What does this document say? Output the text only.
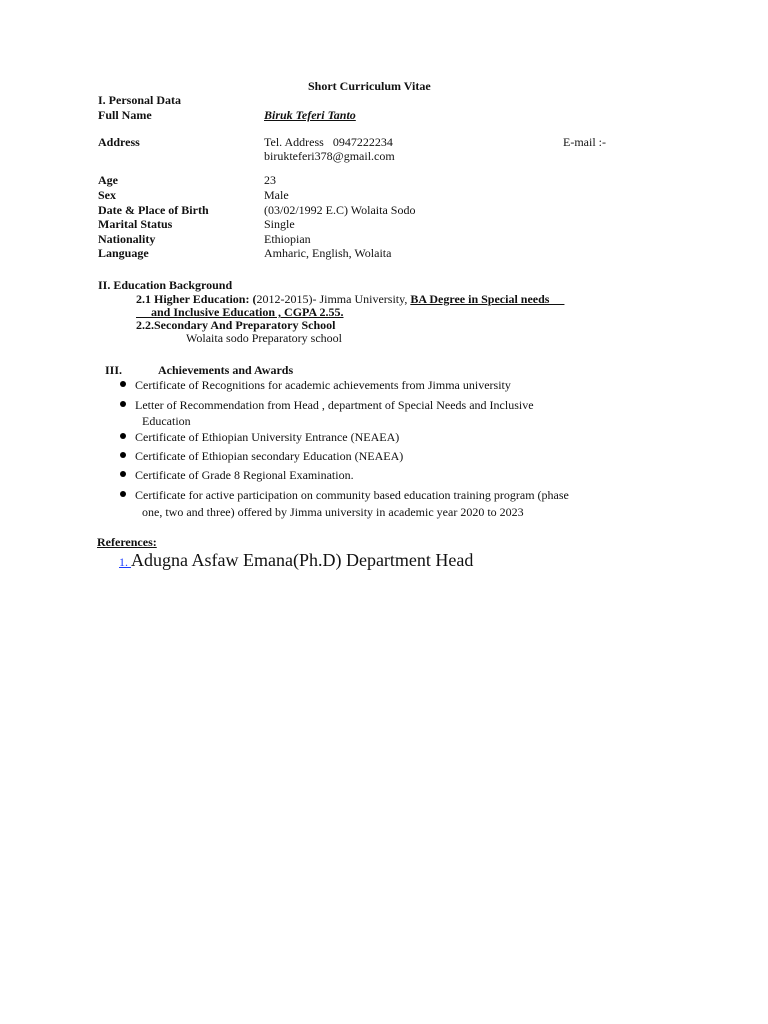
Short Curriculum Vitae
I. Personal Data
Full Name	Biruk Teferi Tanto
Address	Tel. Address   0947222234	E-mail :-
birukteferi378@gmail.com
Age	23
Sex	Male
Date & Place of Birth	(03/02/1992 E.C) Wolaita Sodo
Marital Status	Single
Nationality	Ethiopian
Language	Amharic, English, Wolaita
II. Education Background
2.1 Higher Education: (2012-2015)- Jimma University, BA Degree in Special needs
and Inclusive Education , CGPA 2.55.
2.2.Secondary And Preparatory School
Wolaita sodo Preparatory school
III.	Achievements and Awards
Certificate of Recognitions for academic achievements from Jimma university
Letter of Recommendation from Head , department of Special Needs and Inclusive
Education
Certificate of Ethiopian University Entrance (NEAEA)
Certificate of Ethiopian secondary Education (NEAEA)
Certificate of Grade 8 Regional Examination.
Certificate for active participation on community based education training program (phase
one, two and three) offered by Jimma university in academic year 2020 to 2023
References:
1. Adugna Asfaw Emana(Ph.D) Department Head
